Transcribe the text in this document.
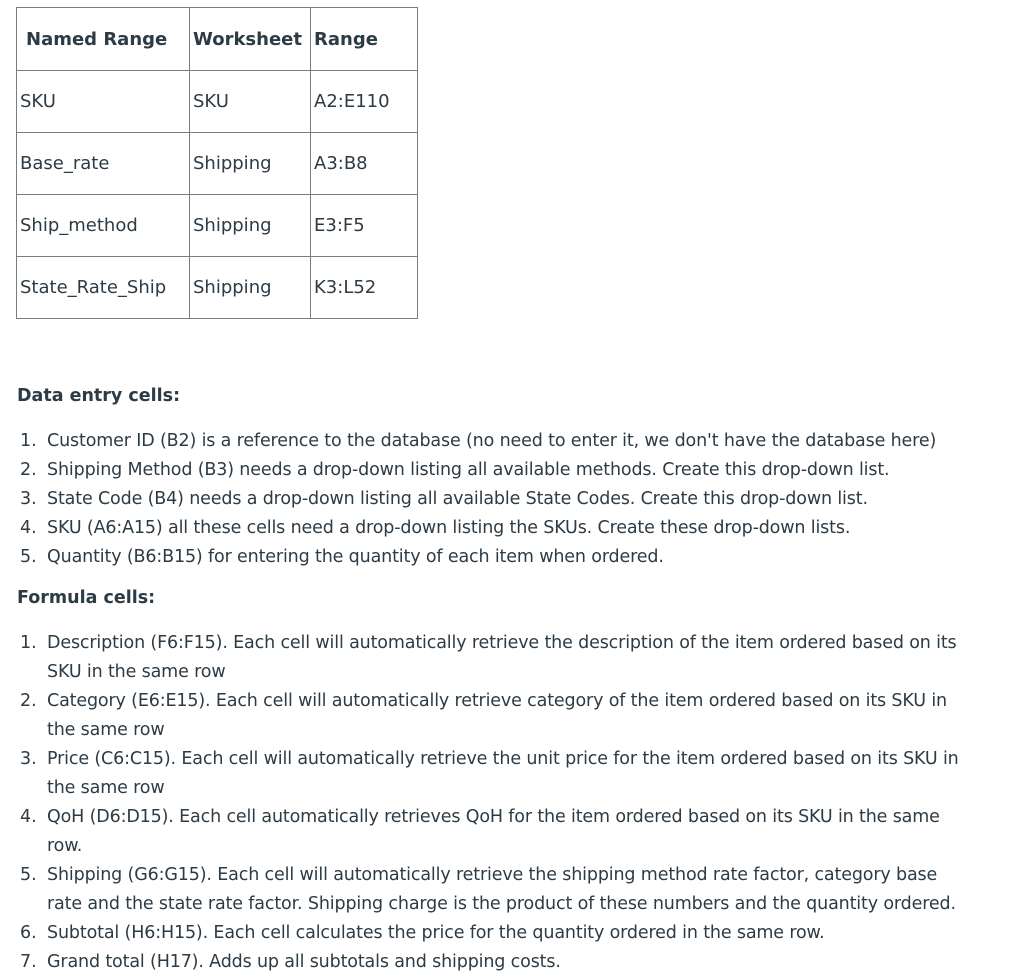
Named Range	Worksheet	Range
SKU	SKU	A2:E110
Base_rate	Shipping	A3:B8
Ship_method	Shipping	E3:F5
State_Rate_Ship	Shipping	K3:L52

Data entry cells:

1. Customer ID (B2) is a reference to the database (no need to enter it, we don't have the database here)
2. Shipping Method (B3) needs a drop-down listing all available methods. Create this drop-down list.
3. State Code (B4) needs a drop-down listing all available State Codes. Create this drop-down list.
4. SKU (A6:A15) all these cells need a drop-down listing the SKUs. Create these drop-down lists.
5. Quantity (B6:B15) for entering the quantity of each item when ordered.

Formula cells:

1. Description (F6:F15). Each cell will automatically retrieve the description of the item ordered based on its SKU in the same row
2. Category (E6:E15). Each cell will automatically retrieve category of the item ordered based on its SKU in the same row
3. Price (C6:C15). Each cell will automatically retrieve the unit price for the item ordered based on its SKU in the same row
4. QoH (D6:D15). Each cell automatically retrieves QoH for the item ordered based on its SKU in the same row.
5. Shipping (G6:G15). Each cell will automatically retrieve the shipping method rate factor, category base rate and the state rate factor. Shipping charge is the product of these numbers and the quantity ordered.
6. Subtotal (H6:H15). Each cell calculates the price for the quantity ordered in the same row.
7. Grand total (H17). Adds up all subtotals and shipping costs.
